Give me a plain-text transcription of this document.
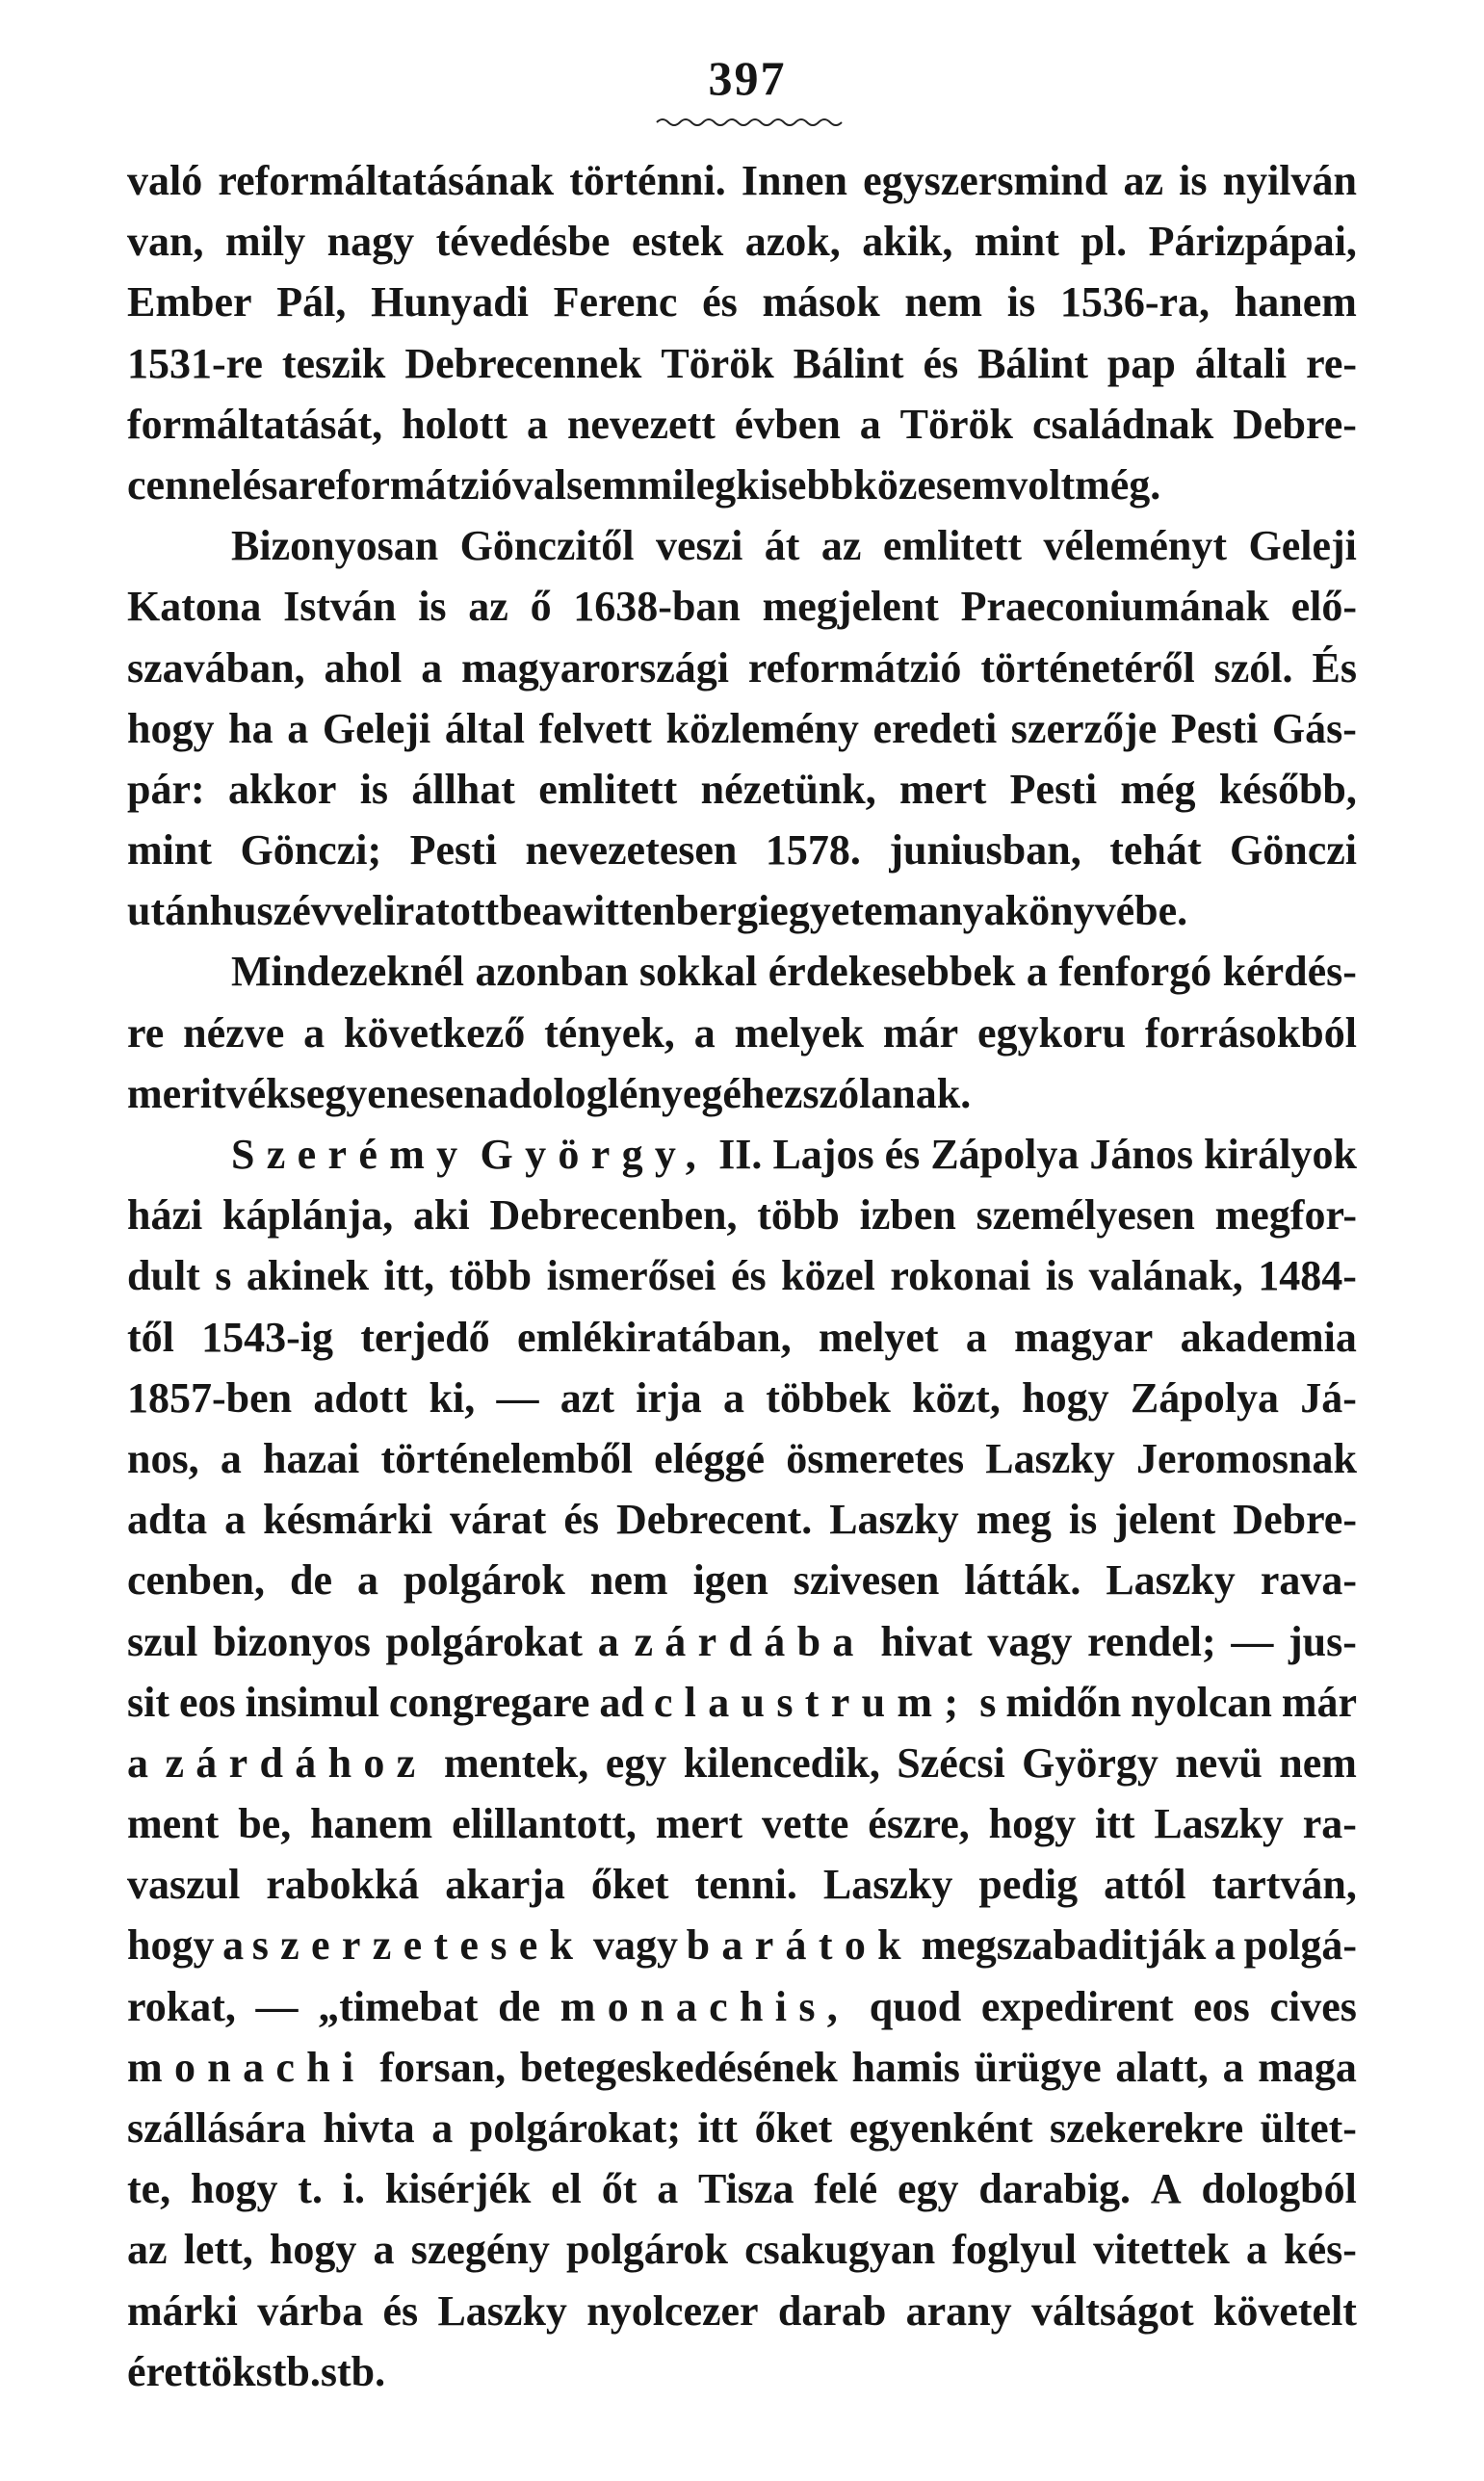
397
való reformáltatásának történni. Innen egyszersmind az is nyilván
van, mily nagy tévedésbe estek azok, akik, mint pl. Párizpápai,
Ember Pál, Hunyadi Ferenc és mások nem is 1536-ra, hanem
1531-re teszik Debrecennek Török Bálint és Bálint pap általi re-
formáltatását, holott a nevezett évben a Török családnak Debre-
cennel és a reformátzióval semmi legkisebb köze sem volt még.
Bizonyosan Gönczitől veszi át az emlitett véleményt Geleji
Katona István is az ő 1638-ban megjelent Praeconiumának elő-
szavában, ahol a magyarországi reformátzió történetéről szól. És
hogy ha a Geleji által felvett közlemény eredeti szerzője Pesti Gás-
pár: akkor is állhat emlitett nézetünk, mert Pesti még később,
mint Gönczi; Pesti nevezetesen 1578. juniusban, tehát Gönczi
után husz évvel iratott be a wittenbergi egyetem anyakönyvébe.
Mindezeknél azonban sokkal érdekesebbek a fenforgó kérdés-
re nézve a következő tények, a melyek már egykoru forrásokból
meritvék s egyenesen a dolog lényegéhez szólanak.
Szerémy György, II. Lajos és Zápolya János királyok
házi káplánja, aki Debrecenben, több izben személyesen megfor-
dult s akinek itt, több ismerősei és közel rokonai is valának, 1484-
től 1543-ig terjedő emlékiratában, melyet a magyar akademia
1857-ben adott ki, — azt irja a többek közt, hogy Zápolya Já-
nos, a hazai történelemből eléggé ösmeretes Laszky Jeromosnak
adta a késmárki várat és Debrecent. Laszky meg is jelent Debre-
cenben, de a polgárok nem igen szivesen látták. Laszky rava-
szul bizonyos polgárokat a zárdába hivat vagy rendel; — jus-
sit eos insimul congregare ad claustrum; s midőn nyolcan már
a zárdához mentek, egy kilencedik, Szécsi György nevü nem
ment be, hanem elillantott, mert vette észre, hogy itt Laszky ra-
vaszul rabokká akarja őket tenni. Laszky pedig attól tartván,
hogy a szerzetesek vagy barátok megszabaditják a polgá-
rokat, — „timebat de monachis, quod expedirent eos cives
monachi forsan, betegeskedésének hamis ürügye alatt, a maga
szállására hivta a polgárokat; itt őket egyenként szekerekre ültet-
te, hogy t. i. kisérjék el őt a Tisza felé egy darabig. A dologból
az lett, hogy a szegény polgárok csakugyan foglyul vitettek a kés-
márki várba és Laszky nyolcezer darab arany váltságot követelt
érettök stb. stb.
